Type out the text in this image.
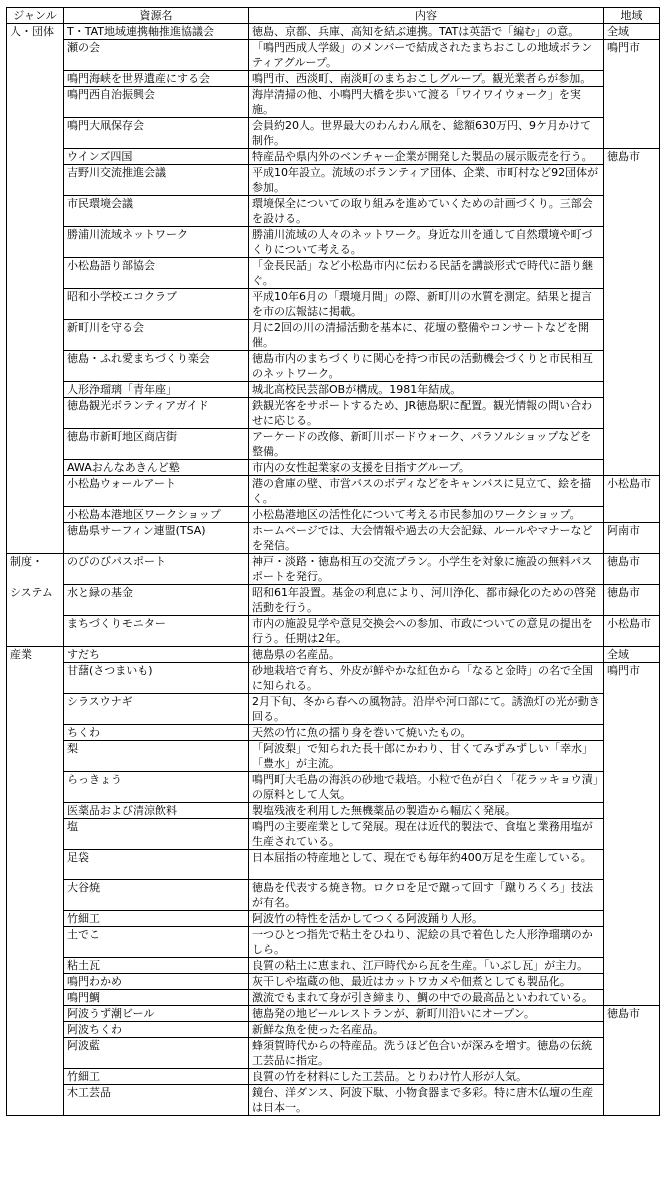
ジャンル	資源名	内容	地域

人・団体	T・TAT地域連携軸推進協議会	徳島、京都、兵庫、高知を結ぶ連携。TATは英語で「編む」の意。	全域
	瀬の会	「鳴門西成人学級」のメンバーで結成されたまちおこしの地域ボランティアグループ。	鳴門市
	鳴門海峡を世界遺産にする会	鳴門市、西淡町、南淡町のまちおこしグループ。観光業者らが参加。	
	鳴門西自治振興会	海岸清掃の他、小鳴門大橋を歩いて渡る「ワイワイウォーク」を実施。	
	鳴門大凧保存会	会員約20人。世界最大のわんわん凧を、総額630万円、9ケ月かけて制作。	
	ウインズ四国	特産品や県内外のベンチャー企業が開発した製品の展示販売を行う。	徳島市
	吉野川交流推進会議	平成10年設立。流域のボランティア団体、企業、市町村など92団体が参加。	
	市民環境会議	環境保全についての取り組みを進めていくための計画づくり。三部会を設ける。	
	勝浦川流域ネットワーク	勝浦川流域の人々のネットワーク。身近な川を通して自然環境や町づくりについて考える。	
	小松島語り部協会	「金長民話」など小松島市内に伝わる民話を講談形式で時代に語り継ぐ。	
	昭和小学校エコクラブ	平成10年6月の「環境月間」の際、新町川の水質を測定。結果と提言を市の広報誌に掲載。	
	新町川を守る会	月に2回の川の清掃活動を基本に、花壇の整備やコンサートなどを開催。	
	徳島・ふれ愛まちづくり楽会	徳島市内のまちづくりに関心を持つ市民の活動機会づくりと市民相互のネットワーク。	
	人形浄瑠璃「青年座」	城北高校民芸部OBが構成。1981年結成。	
	徳島観光ボランティアガイド	鉄観光客をサポートするため、JR徳島駅に配置。観光情報の問い合わせに応じる。	
	徳島市新町地区商店街	アーケードの改修、新町川ボードウォーク、パラソルショップなどを整備。	
	AWAおんなあきんど塾	市内の女性起業家の支援を目指すグループ。	
	小松島ウォールアート	港の倉庫の壁、市営バスのボディなどをキャンバスに見立て、絵を描く。	小松島市
	小松島本港地区ワークショップ	小松島港地区の活性化について考える市民参加のワークショップ。	
	徳島県サーフィン連盟(TSA)	ホームページでは、大会情報や過去の大会記録、ルールやマナーなどを発信。	阿南市

制度・	のびのびパスポート	神戸・淡路・徳島相互の交流プラン。小学生を対象に施設の無料パスポートを発行。	徳島市

システム	水と緑の基金	昭和61年設置。基金の利息により、河川浄化、都市緑化のための啓発活動を行う。	徳島市
	まちづくりモニター	市内の施設見学や意見交換会への参加、市政についての意見の提出を行う。任期は2年。	小松島市

産業	すだち	徳島県の名産品。	全域
	甘藷(さつまいも)	砂地栽培で育ち、外皮が鮮やかな紅色から「なると金時」の名で全国に知られる。	鳴門市
	シラスウナギ	2月下旬、冬から春への風物詩。沿岸や河口部にて。誘漁灯の光が動き回る。	
	ちくわ	天然の竹に魚の擂り身を巻いて焼いたもの。	
	梨	「阿波梨」で知られた長十郎にかわり、甘くてみずみずしい「幸水」「豊水」が主流。	
	らっきょう	鳴門町大毛島の海浜の砂地で栽培。小粒で色が白く「花ラッキョウ漬」の原料として人気。	
	医薬品および清涼飲料	製塩残液を利用した無機薬品の製造から幅広く発展。	
	塩	鳴門の主要産業として発展。現在は近代的製法で、食塩と業務用塩が生産されている。	
	足袋	日本屈指の特産地として、現在でも毎年約400万足を生産している。	
	大谷焼	徳島を代表する焼き物。ロクロを足で蹴って回す「蹴りろくろ」技法が有名。	
	竹細工	阿波竹の特性を活かしてつくる阿波踊り人形。	
	土でこ	一つひとつ指先で粘土をひねり、泥絵の具で着色した人形浄瑠璃のかしら。	
	粘土瓦	良質の粘土に恵まれ、江戸時代から瓦を生産。「いぶし瓦」が主力。	
	鳴門わかめ	灰干しや塩蔵の他、最近はカットワカメや佃煮としても製品化。	
	鳴門鯛	激流でもまれて身が引き締まり、鯛の中での最高品といわれている。	
	阿波うず潮ビール	徳島発の地ビールレストランが、新町川沿いにオープン。	徳島市
	阿波ちくわ	新鮮な魚を使った名産品。	
	阿波藍	蜂須賀時代からの特産品。洗うほど色合いが深みを増す。徳島の伝統工芸品に指定。	
	竹細工	良質の竹を材料にした工芸品。とりわけ竹人形が人気。	
	木工芸品	鏡台、洋ダンス、阿波下駄、小物食器まで多彩。特に唐木仏壇の生産は日本一。	
